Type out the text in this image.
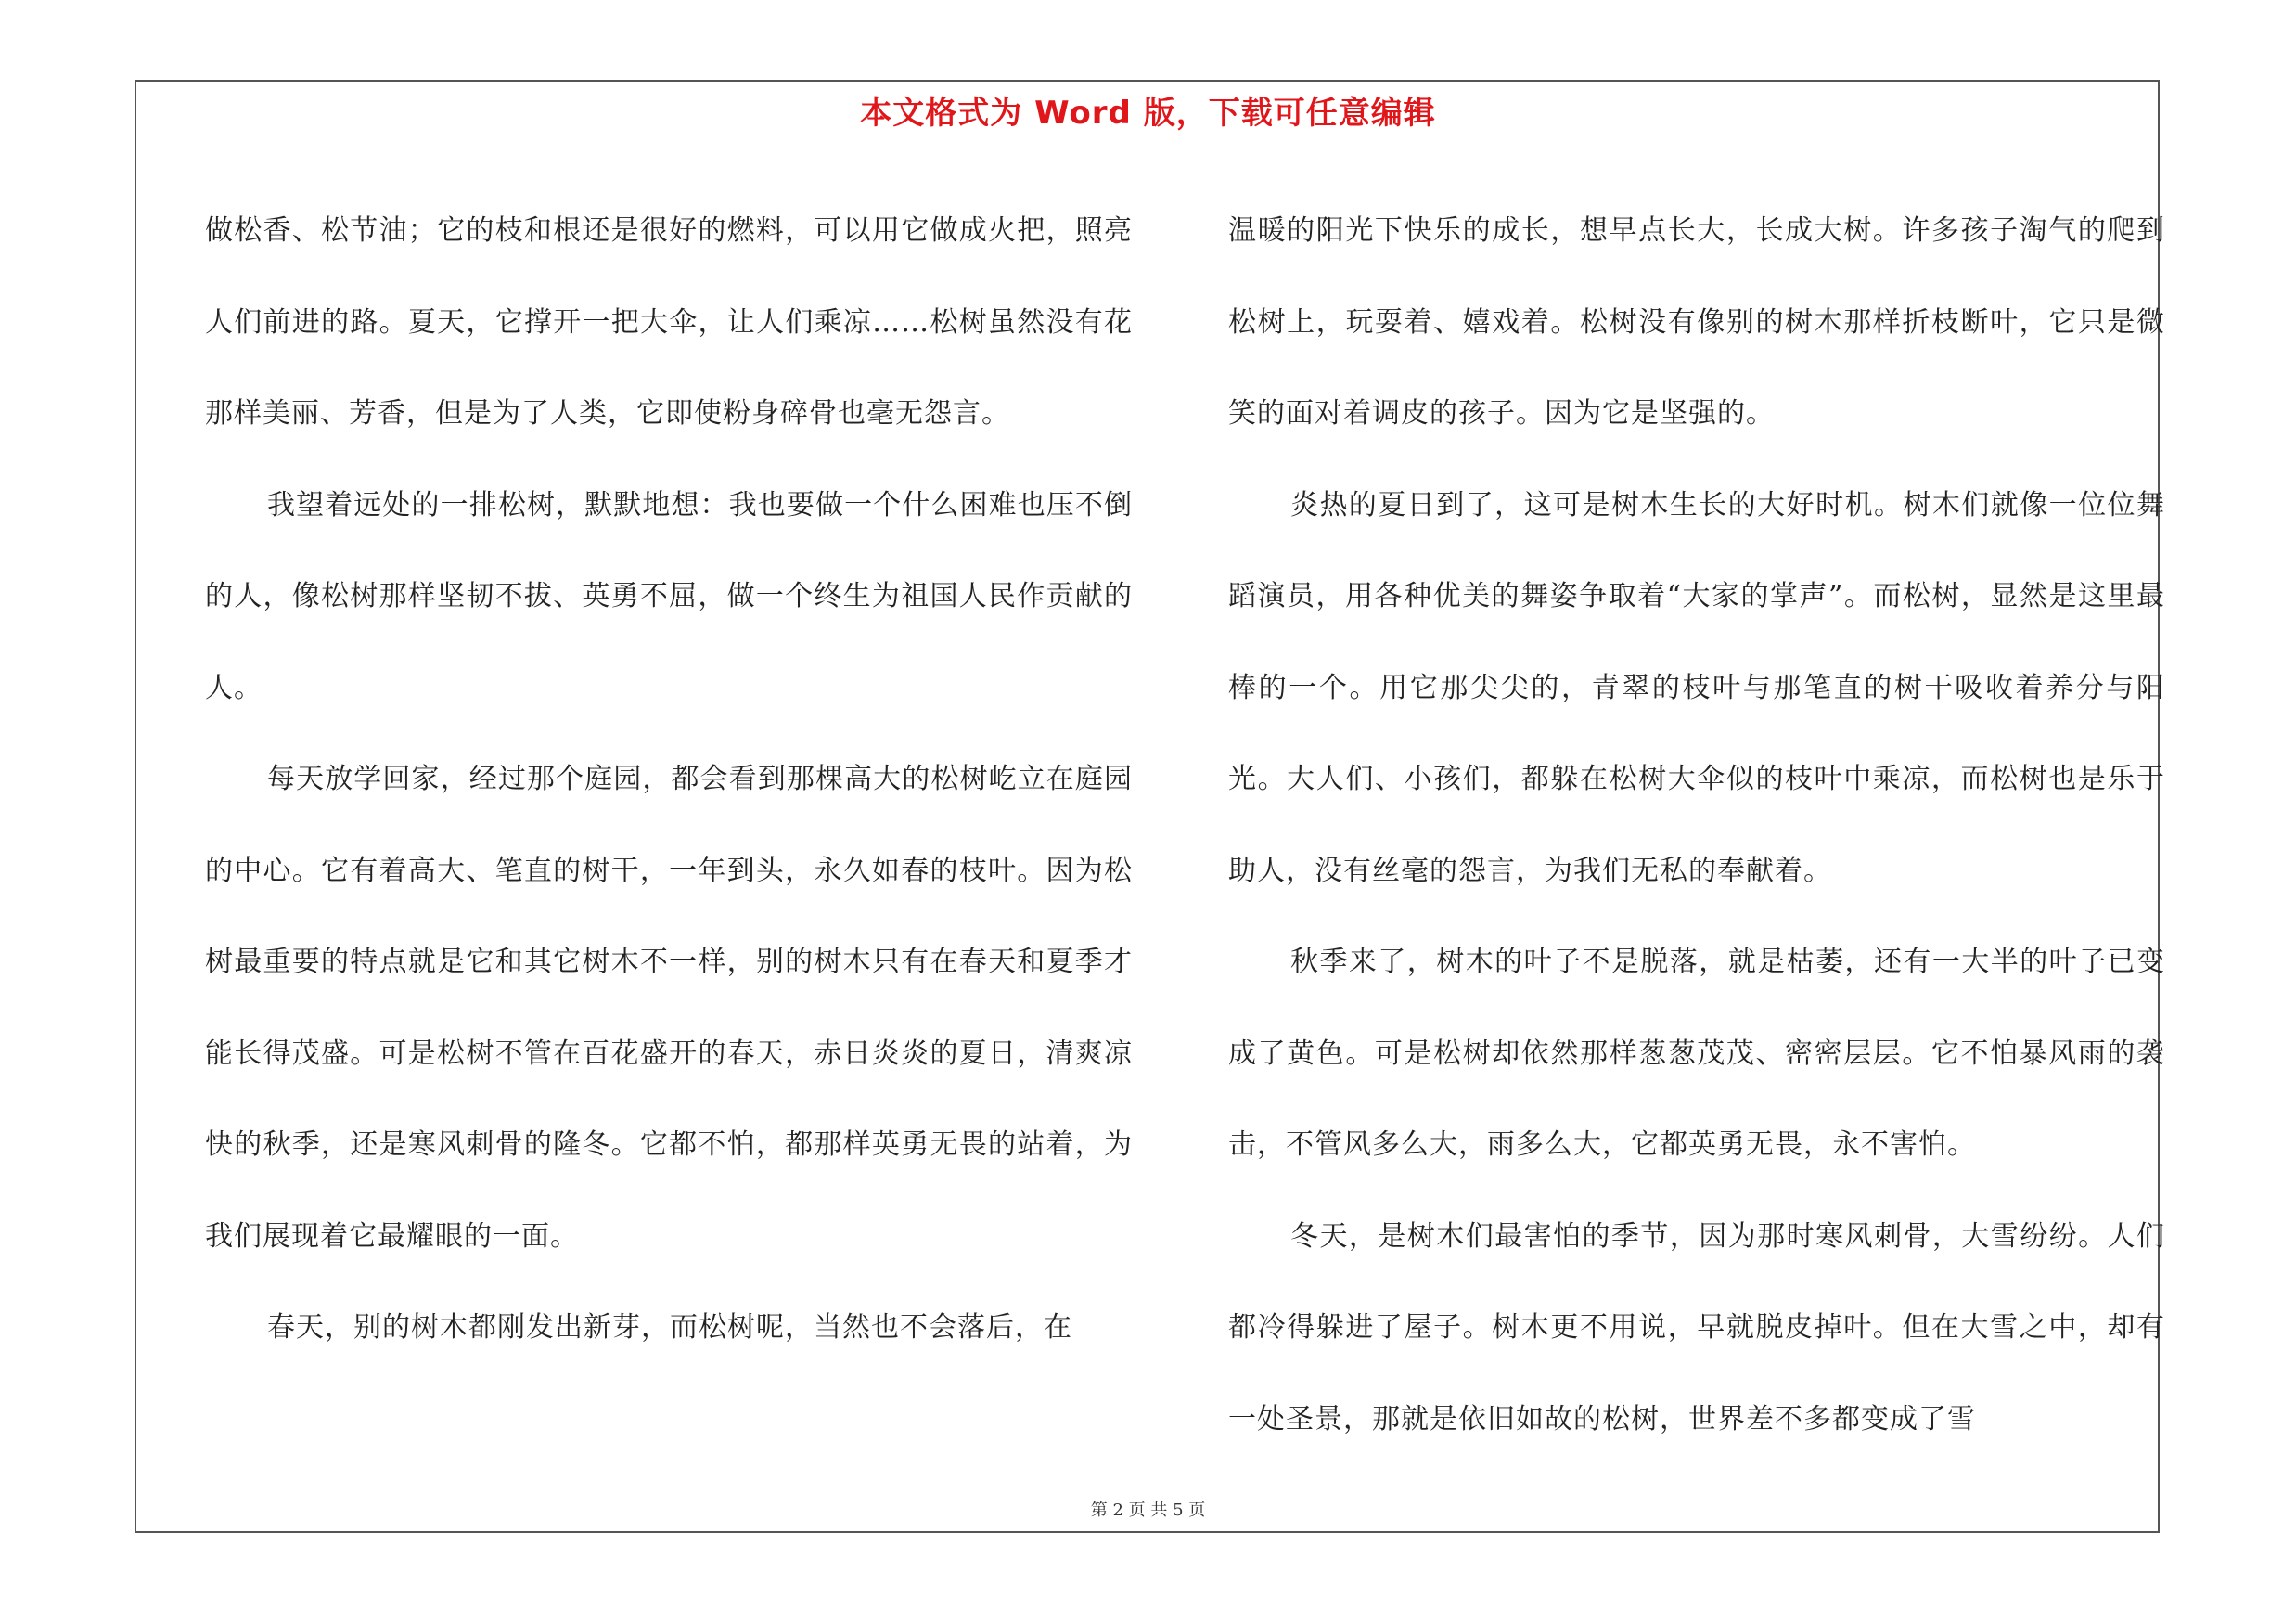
本文格式为 Word 版，下载可任意编辑

做松香、松节油；它的枝和根还是很好的燃料，可以用它做成火把，照亮人们前进的路。夏天，它撑开一把大伞，让人们乘凉……松树虽然没有花那样美丽、芳香，但是为了人类，它即使粉身碎骨也毫无怨言。

我望着远处的一排松树，默默地想：我也要做一个什么困难也压不倒的人，像松树那样坚韧不拔、英勇不屈，做一个终生为祖国人民作贡献的人。

每天放学回家，经过那个庭园，都会看到那棵高大的松树屹立在庭园的中心。它有着高大、笔直的树干，一年到头，永久如春的枝叶。因为松树最重要的特点就是它和其它树木不一样，别的树木只有在春天和夏季才能长得茂盛。可是松树不管在百花盛开的春天，赤日炎炎的夏日，清爽凉快的秋季，还是寒风刺骨的隆冬。它都不怕，都那样英勇无畏的站着，为我们展现着它最耀眼的一面。

春天，别的树木都刚发出新芽，而松树呢，当然也不会落后，在

温暖的阳光下快乐的成长，想早点长大，长成大树。许多孩子淘气的爬到松树上，玩耍着、嬉戏着。松树没有像别的树木那样折枝断叶，它只是微笑的面对着调皮的孩子。因为它是坚强的。

炎热的夏日到了，这可是树木生长的大好时机。树木们就像一位位舞蹈演员，用各种优美的舞姿争取着“大家的掌声”。而松树，显然是这里最棒的一个。用它那尖尖的，青翠的枝叶与那笔直的树干吸收着养分与阳光。大人们、小孩们，都躲在松树大伞似的枝叶中乘凉，而松树也是乐于助人，没有丝毫的怨言，为我们无私的奉献着。

秋季来了，树木的叶子不是脱落，就是枯萎，还有一大半的叶子已变成了黄色。可是松树却依然那样葱葱茂茂、密密层层。它不怕暴风雨的袭击，不管风多么大，雨多么大，它都英勇无畏，永不害怕。

冬天，是树木们最害怕的季节，因为那时寒风刺骨，大雪纷纷。人们都冷得躲进了屋子。树木更不用说，早就脱皮掉叶。但在大雪之中，却有一处圣景，那就是依旧如故的松树，世界差不多都变成了雪

第 2 页 共 5 页
